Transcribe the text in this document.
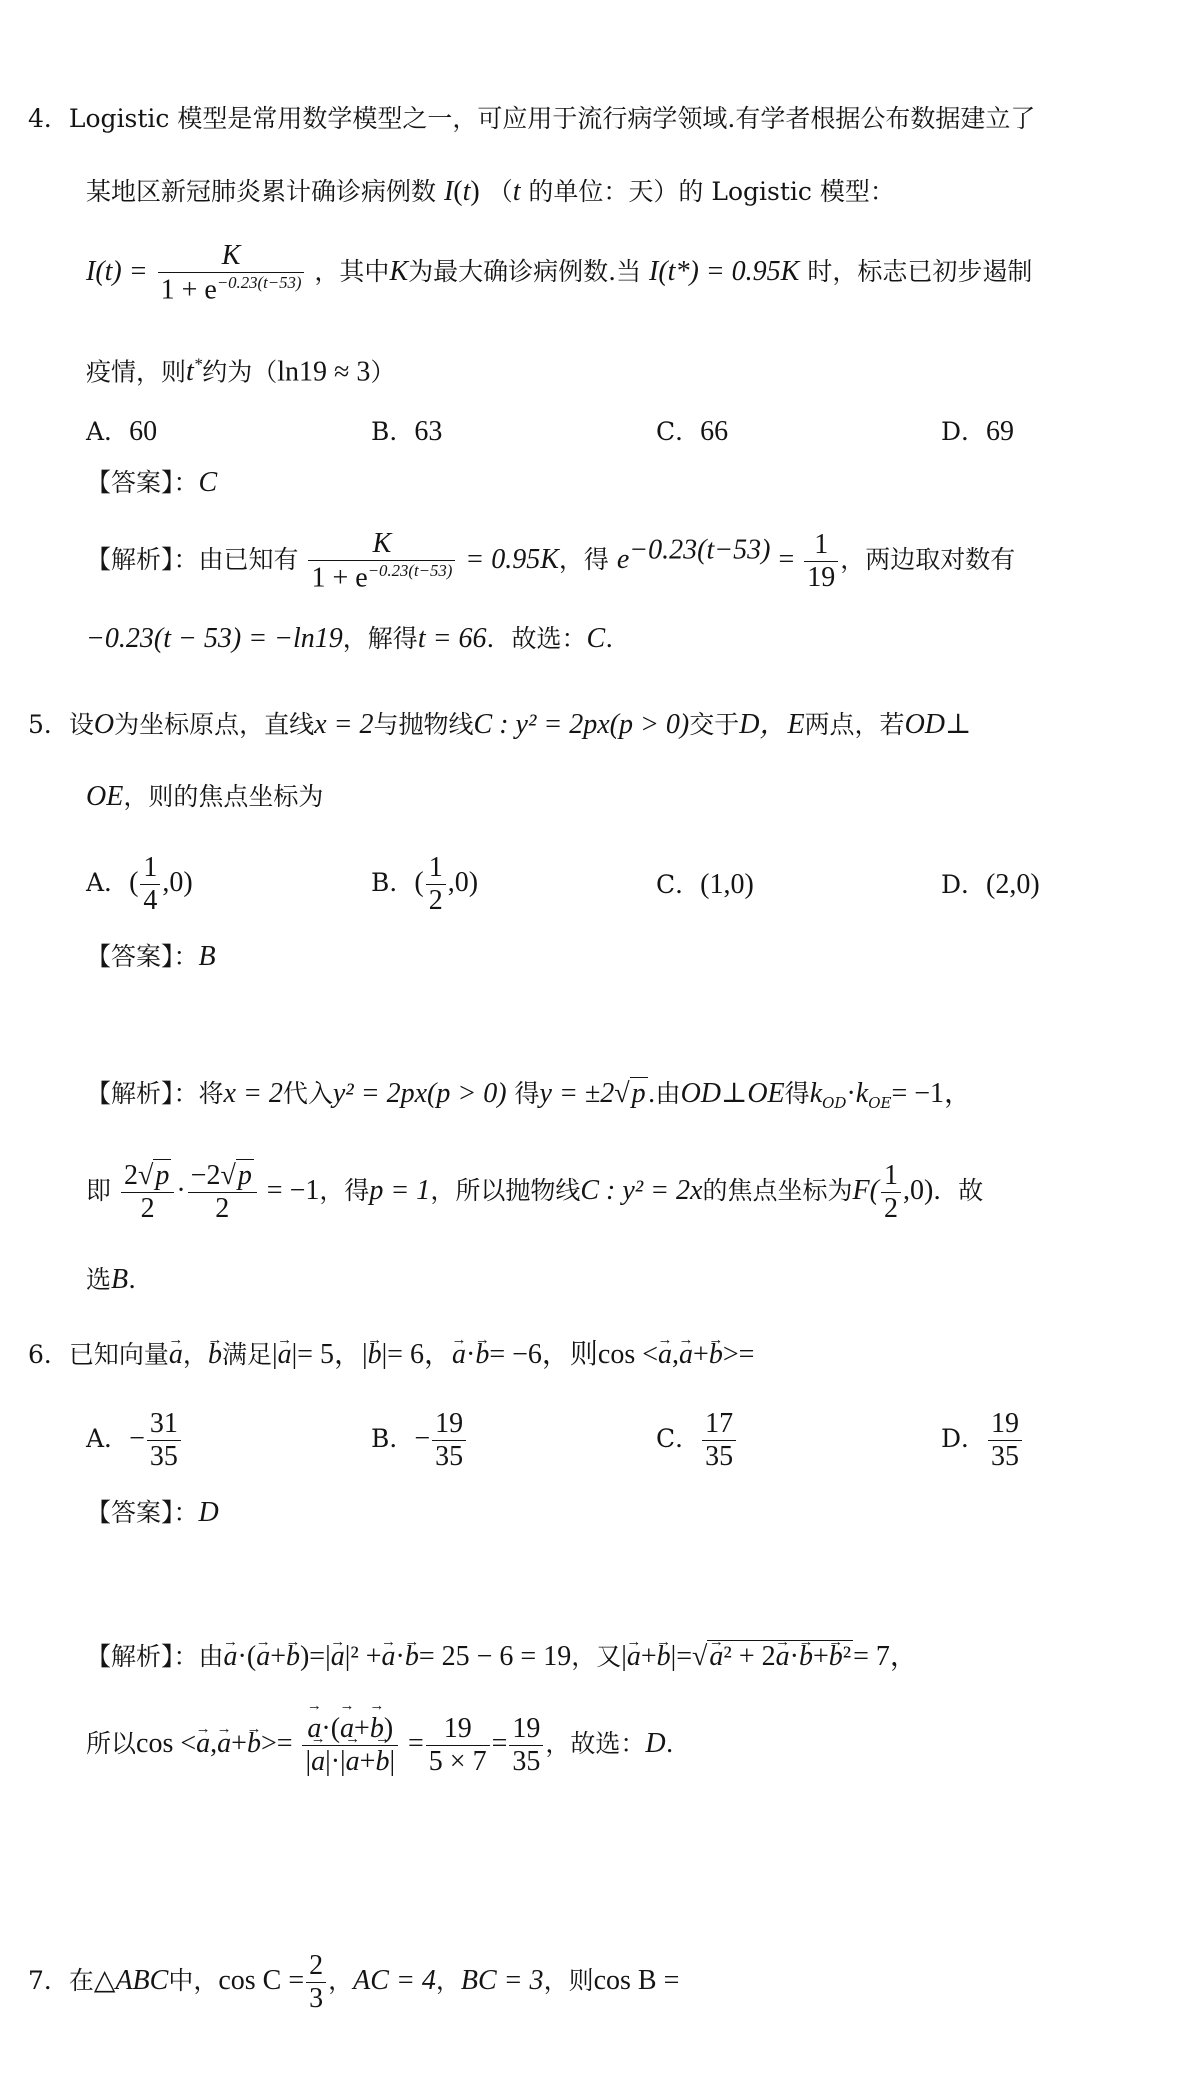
4．Logistic 模型是常用数学模型之一，可应用于流行病学领域.有学者根据公布数据建立了
某地区新冠肺炎累计确诊病例数 I(t) （t 的单位：天）的 Logistic 模型：
$I(t) = \frac{K}{1 + e^{-0.23(t-53)}}$ ，其中K为最大确诊病例数.当 I(t*) = 0.95K 时，标志已初步遏制
疫情，则t*约为（ln19 ≈ 3）
A．60	B．63	C．66	D．69
【答案】：C
【解析】：由已知有 $\frac{K}{1 + e^{-0.23(t-53)}} = 0.95K$，得 $e^{-0.23(t-53)} = \frac{1}{19}$ ，两边取对数有
−0.23(t − 53) = −ln19，解得t = 66．故选：C.
5．设O为坐标原点，直线x = 2与抛物线C : y² = 2px(p > 0)交于D，E两点，若OD⊥
OE，则的焦点坐标为
A．( $\frac{1}{4} ,0$)	B．( $\frac{1}{2} ,0$)	C．(1,0)	D．(2,0)
【答案】：B
【解析】：将x = 2代入y² = 2px(p > 0) 得y = ±2√p.由OD⊥OE得$k_{OD}\cdot k_{OE}= -1$，
即 $\frac{2√p}{2} \cdot \frac{-2√p}{2} = -1$，得p = 1，所以抛物线C : y² = 2x的焦点坐标为$F( \frac{1}{2} ,0)$．故
选B.
6．已知向量→ a，→ b满足|→ a|= 5，|→ b|= 6，→ a·→ b= −6，则cos <→ a,→ a+→ b>=
A．− $\frac{31}{35}$	B．− $\frac{19}{35}$	C． $\frac{17}{35}$	D． $\frac{19}{35}$
【答案】：D
【解析】：由→ a·(→ a+→ b)=|→ a|² +→ a·→ b= 25 − 6 = 19，又|→ a+→ b|=√→ a² + 2→ a·→ b+→ b²= 7，
所以cos <→ a,→ a+→ b>=
→ $\frac{a\cdot(\to a+\to b)}{|\to a|\cdot|\to a+\to b|} = \frac{19}{5 \times 7} = \frac{19}{35}$ ，故选：D.
7．在△ABC中，$\cos C = \frac{2}{3}$ ，AC = 4，BC = 3，则cos B =
